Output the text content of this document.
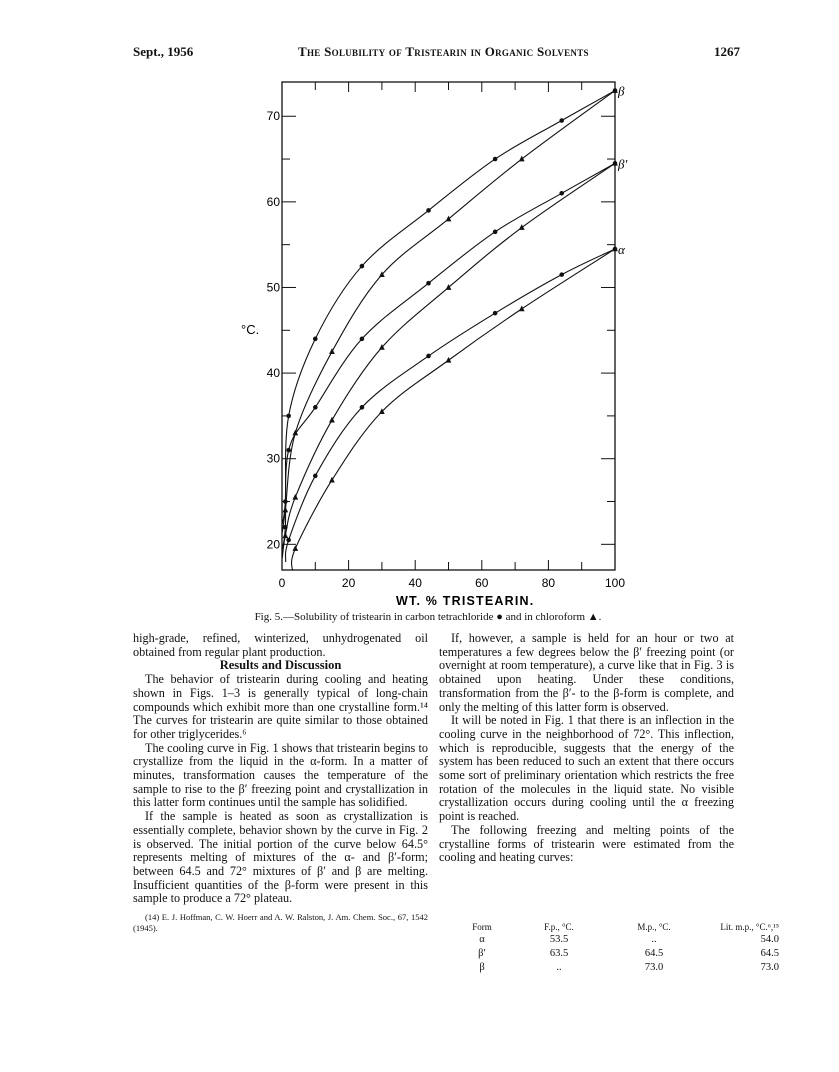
Sept., 1956	The Solubility of Tristearin in Organic Solvents	1267
20
30
40
50
60
70
0	20	40	60	80	100
β
β'
α
°C.
WT. % TRISTEARIN.
Fig. 5.—Solubility of tristearin in carbon tetrachloride ● and in chloroform ▲.

high-grade, refined, winterized, unhydrogenated oil obtained from regular plant production.

Results and Discussion

The behavior of tristearin during cooling and heating shown in Figs. 1–3 is generally typical of long-chain compounds which exhibit more than one crystalline form.¹⁴ The curves for tristearin are quite similar to those obtained for other triglycerides.⁶

The cooling curve in Fig. 1 shows that tristearin begins to crystallize from the liquid in the α-form. In a matter of minutes, transformation causes the temperature of the sample to rise to the β′ freezing point and crystallization in this latter form continues until the sample has solidified.

If the sample is heated as soon as crystallization is essentially complete, behavior shown by the curve in Fig. 2 is observed. The initial portion of the curve below 64.5° represents melting of mixtures of the α- and β′-form; between 64.5 and 72° mixtures of β′ and β are melting. Insufficient quantities of the β-form were present in this sample to produce a 72° plateau.

(14) E. J. Hoffman, C. W. Hoerr and A. W. Ralston, J. Am. Chem. Soc., 67, 1542 (1945).

If, however, a sample is held for an hour or two at temperatures a few degrees below the β′ freezing point (or overnight at room temperature), a curve like that in Fig. 3 is obtained upon heating. Under these conditions, transformation from the β′- to the β-form is complete, and only the melting of this latter form is observed.

It will be noted in Fig. 1 that there is an inflection in the cooling curve in the neighborhood of 72°. This inflection, which is reproducible, suggests that the energy of the system has been reduced to such an extent that there occurs some sort of preliminary orientation which restricts the free rotation of the molecules in the liquid state. No visible crystallization occurs during cooling until the α freezing point is reached.

The following freezing and melting points of the crystalline forms of tristearin were estimated from the cooling and heating curves:

Form	F.p., °C.	M.p., °C.	Lit. m.p., °C.⁶,¹⁵
α	53.5	..	54.0
β′	63.5	64.5	64.5
β	..	73.0	73.0
